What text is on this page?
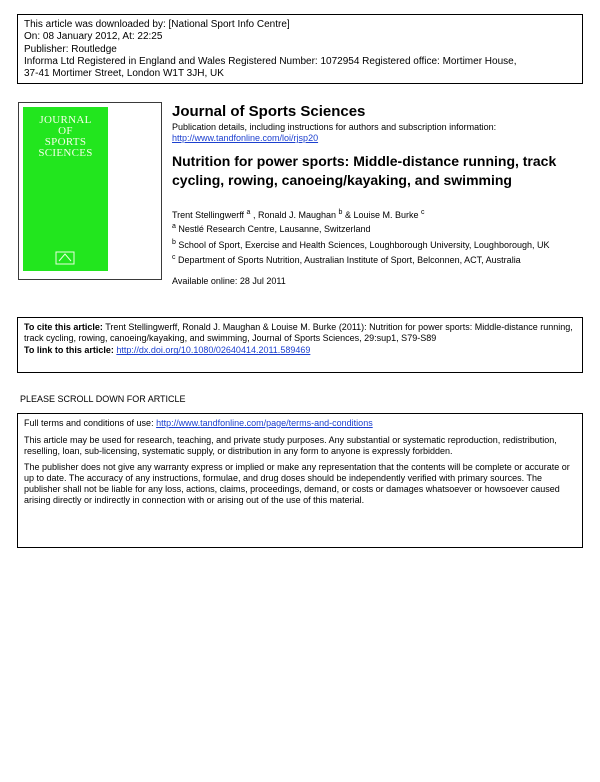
This article was downloaded by: [National Sport Info Centre]
On: 08 January 2012, At: 22:25
Publisher: Routledge
Informa Ltd Registered in England and Wales Registered Number: 1072954 Registered office: Mortimer House,
37-41 Mortimer Street, London W1T 3JH, UK
JOURNAL
OF
SPORTS
SCIENCES
Journal of Sports Sciences
Publication details, including instructions for authors and subscription information:
http://www.tandfonline.com/loi/rjsp20
Nutrition for power sports: Middle-distance running, track cycling, rowing, canoeing/kayaking, and swimming
Trent Stellingwerff $^a$ , Ronald J. Maughan $^b$ & Louise M. Burke $^c$
$^a$ Nestlé Research Centre, Lausanne, Switzerland
$^b$ School of Sport, Exercise and Health Sciences, Loughborough University, Loughborough, UK
$^c$ Department of Sports Nutrition, Australian Institute of Sport, Belconnen, ACT, Australia
Available online: 28 Jul 2011

To cite this article: Trent Stellingwerff, Ronald J. Maughan & Louise M. Burke (2011): Nutrition for power sports: Middle-distance running, track cycling, rowing, canoeing/kayaking, and swimming, Journal of Sports Sciences, 29:sup1, S79-S89

To link to this article: http://dx.doi.org/10.1080/02640414.2011.589469

PLEASE SCROLL DOWN FOR ARTICLE

Full terms and conditions of use: http://www.tandfonline.com/page/terms-and-conditions

This article may be used for research, teaching, and private study purposes. Any substantial or systematic reproduction, redistribution, reselling, loan, sub-licensing, systematic supply, or distribution in any form to anyone is expressly forbidden.

The publisher does not give any warranty express or implied or make any representation that the contents will be complete or accurate or up to date. The accuracy of any instructions, formulae, and drug doses should be independently verified with primary sources. The publisher shall not be liable for any loss, actions, claims, proceedings, demand, or costs or damages whatsoever or howsoever caused arising directly or indirectly in connection with or arising out of the use of this material.
